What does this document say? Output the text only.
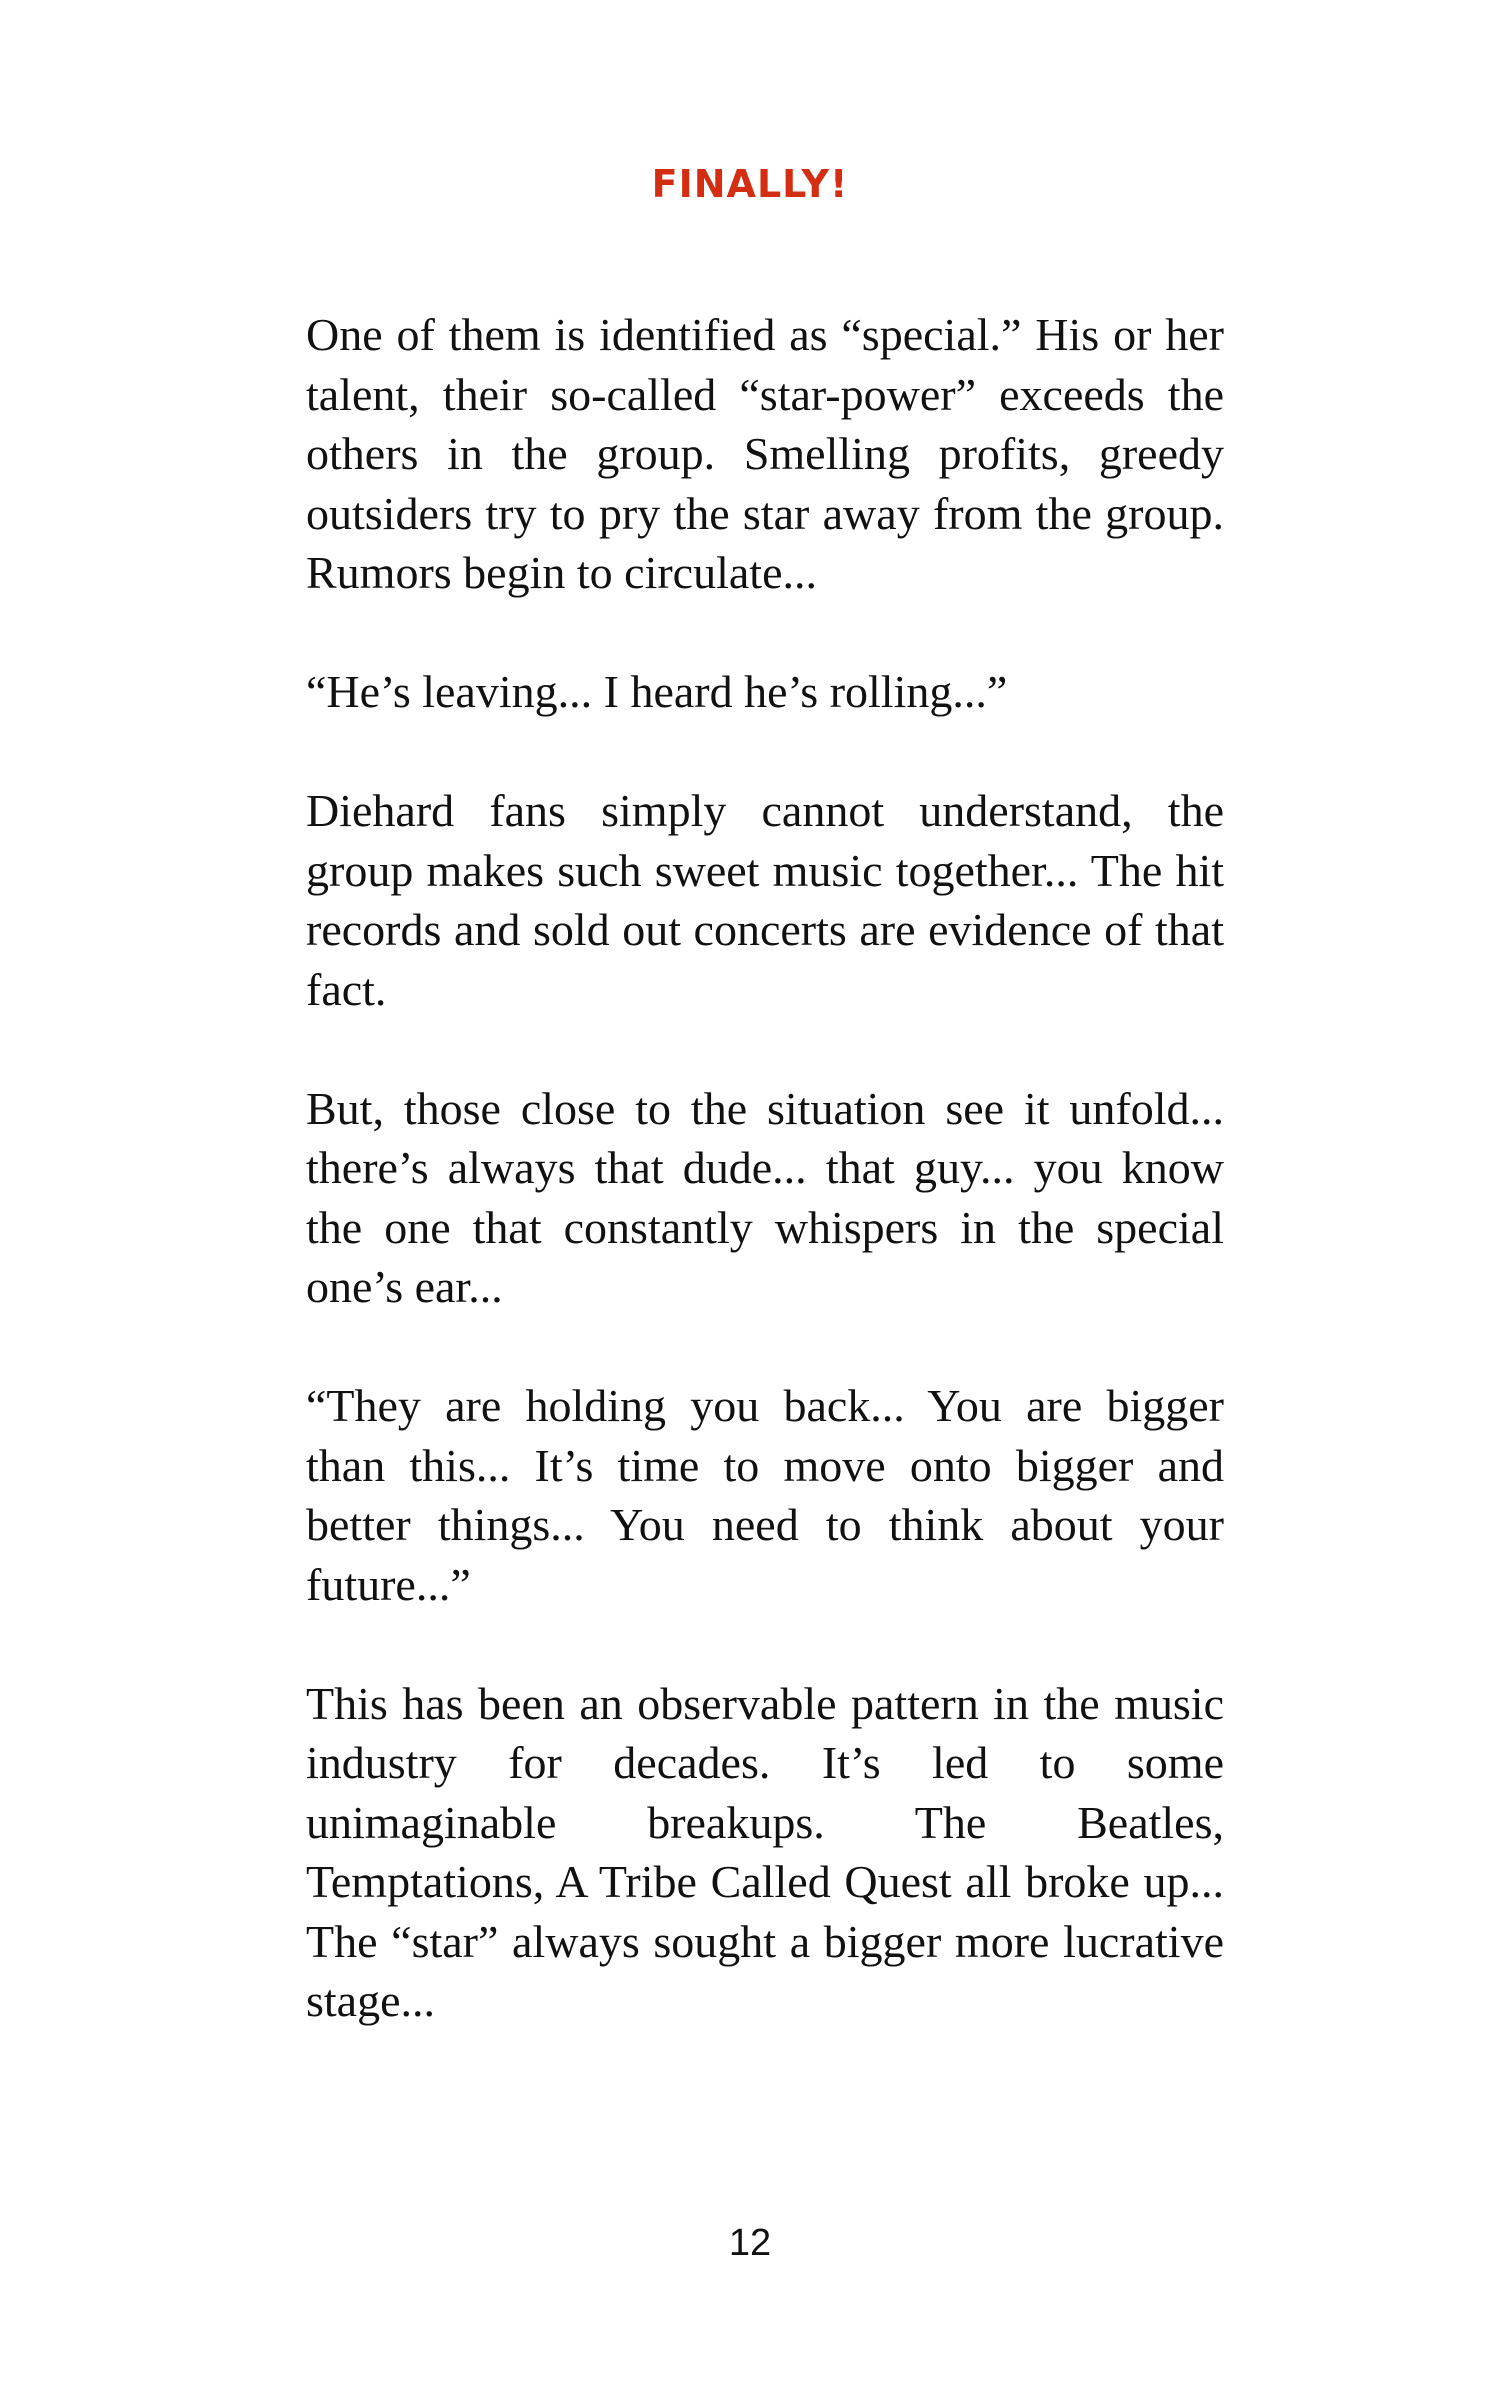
FINALLY!

One of them is identified as “special.” His or her talent, their so-called “star-power” exceeds the others in the group. Smelling profits, greedy outsiders try to pry the star away from the group. Rumors begin to circulate...

“He’s leaving... I heard he’s rolling...”

Diehard fans simply cannot understand, the group makes such sweet music together... The hit records and sold out concerts are evidence of that fact.

But, those close to the situation see it unfold... there’s always that dude... that guy... you know the one that constantly whispers in the special one’s ear...

“They are holding you back... You are bigger than this... It’s time to move onto bigger and better things... You need to think about your future...”

This has been an observable pattern in the music industry for decades. It’s led to some unimaginable breakups. The Beatles, Temptations, A Tribe Called Quest all broke up... The “star” always sought a bigger more lucrative stage...

12
